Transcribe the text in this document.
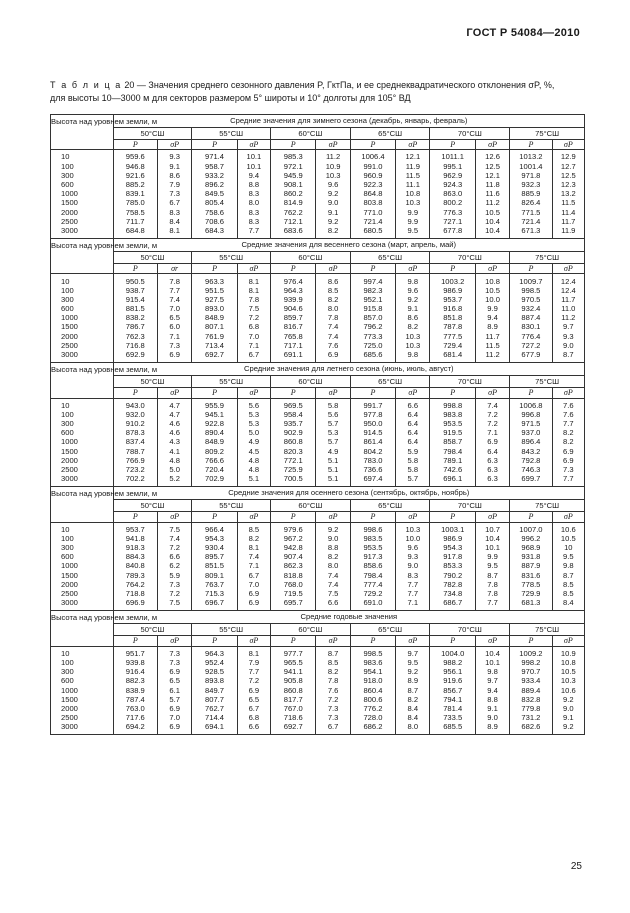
ГОСТ Р 54084—2010
Т а б л и ц а 20 — Значения среднего сезонного давления P, ГктПа, и ее среднеквадратического отклонения σP, %,
для высоты 10—3000 м для секторов размером 5° широты и 10° долготы для 105° ВД
Высота над уровнем земли, м	Средние значения для зимнего сезона (декабрь, январь, февраль)											
	50°СШ		55°СШ		60°СШ		65°СШ		70°СШ		75°СШ	
	P	σP	P	σP	P	σP	P	σP	P	σP	P	σP
10	959.6	9.3	971.4	10.1	985.3	11.2	1006.4	12.1	1011.1	12.6	1013.2	12.9
100	946.8	9.1	958.7	10.1	972.1	10.9	991.0	11.9	995.1	12.5	1001.4	12.7
300	921.6	8.6	933.2	9.4	945.9	10.3	960.9	11.5	962.9	12.1	971.8	12.5
600	885.2	7.9	896.2	8.8	908.1	9.6	922.3	11.1	924.3	11.8	932.3	12.3
1000	839.1	7.3	849.5	8.3	860.2	9.2	864.8	10.8	863.0	11.6	885.9	13.2
1500	785.0	6.7	805.4	8.0	814.9	9.0	803.8	10.3	800.2	11.2	826.4	11.5
2000	758.5	8.3	758.6	8.3	762.2	9.1	771.0	9.9	776.3	10.5	771.5	11.4
2500	711.7	8.4	708.6	8.3	712.1	9.2	721.4	9.9	727.1	10.4	721.4	11.7
3000	684.8	8.1	684.3	7.7	683.6	8.2	680.5	9.5	677.8	10.4	671.3	11.9
Высота над уровнем земли, м	Средние значения для весеннего сезона (март, апрель, май)											
	50°СШ		55°СШ		60°СШ		65°СШ		70°СШ		75°СШ	
	P	σr	P	σP	P	σP	P	σP	P	σP	P	σP
10	950.5	7.8	963.3	8.1	976.4	8.6	997.4	9.8	1003.2	10.8	1009.7	12.4
100	938.7	7.7	951.5	8.1	964.3	8.5	982.3	9.6	986.9	10.5	998.5	12.4
300	915.4	7.4	927.5	7.8	939.9	8.2	952.1	9.2	953.7	10.0	970.5	11.7
600	881.5	7.0	893.0	7.5	904.6	8.0	915.8	9.1	916.8	9.9	932.4	11.0
1000	838.2	6.5	848.9	7.2	859.7	7.8	857.0	8.6	851.8	9.4	887.4	11.2
1500	786.7	6.0	807.1	6.8	816.7	7.4	796.2	8.2	787.8	8.9	830.1	9.7
2000	762.3	7.1	761.9	7.0	765.8	7.4	773.3	10.3	777.5	11.7	776.4	9.3
2500	716.8	7.3	713.4	7.1	717.1	7.6	725.0	10.3	729.4	11.5	727.2	9.0
3000	692.9	6.9	692.7	6.7	691.1	6.9	685.6	9.8	681.4	11.2	677.9	8.7
Высота над уровнем земли, м	Средние значения для летнего сезона (июнь, июль, август)											
	50°СШ		55°СШ		60°СШ		65°СШ		70°СШ		75°СШ	
	P	σP	P	σP	P	σP	P	σP	P	σP	P	σP
10	943.0	4.7	955.9	5.6	969.5	5.8	991.7	6.6	998.8	7.4	1006.8	7.6
100	932.0	4.7	945.1	5.3	958.4	5.6	977.8	6.4	983.8	7.2	996.8	7.6
300	910.2	4.6	922.8	5.3	935.7	5.7	950.0	6.4	953.5	7.2	971.5	7.7
600	878.3	4.6	890.4	5.0	902.9	5.3	914.5	6.4	919.5	7.1	937.0	8.2
1000	837.4	4.3	848.9	4.9	860.8	5.7	861.4	6.4	858.7	6.9	896.4	8.2
1500	788.7	4.1	809.2	4.5	820.3	4.9	804.2	5.9	798.4	6.4	843.2	6.9
2000	766.9	4.8	766.6	4.8	772.1	5.1	783.0	5.8	789.1	6.3	792.8	6.9
2500	723.2	5.0	720.4	4.8	725.9	5.1	736.6	5.8	742.6	6.3	746.3	7.3
3000	702.2	5.2	702.9	5.1	700.5	5.1	697.4	5.7	696.1	6.3	699.7	7.7
Высота над уровнем земли, м	Средние значения для осеннего сезона (сентябрь, октябрь, ноябрь)											
	50°СШ		55°СШ		60°СШ		65°СШ		70°СШ		75°СШ	
	P	σP	P	σP	P	σP	P	σP	P	σP	P	σP
10	953.7	7.5	966.4	8.5	979.6	9.2	998.6	10.3	1003.1	10.7	1007.0	10.6
100	941.8	7.4	954.3	8.2	967.2	9.0	983.5	10.0	986.9	10.4	996.2	10.5
300	918.3	7.2	930.4	8.1	942.8	8.8	953.5	9.6	954.3	10.1	968.9	10
600	884.3	6.6	895.7	7.4	907.4	8.2	917.3	9.3	917.8	9.9	931.8	9.5
1000	840.8	6.2	851.5	7.1	862.3	8.0	858.6	9.0	853.3	9.5	887.9	9.8
1500	789.3	5.9	809.1	6.7	818.8	7.4	798.4	8.3	790.2	8.7	831.6	8.7
2000	764.2	7.3	763.7	7.0	768.0	7.4	777.4	7.7	782.8	7.8	778.5	8.5
2500	718.8	7.2	715.3	6.9	719.5	7.5	729.2	7.7	734.8	7.8	729.9	8.5
3000	696.9	7.5	696.7	6.9	695.7	6.6	691.0	7.1	686.7	7.7	681.3	8.4
Высота над уровнем земли, м	Средние годовые значения											
	50°СШ		55°СШ		60°СШ		65°СШ		70°СШ		75°СШ	
	P	σP	P	σP	P	σP	P	σP	P	σP	P	σP
10	951.7	7.3	964.3	8.1	977.7	8.7	998.5	9.7	1004.0	10.4	1009.2	10.9
100	939.8	7.3	952.4	7.9	965.5	8.5	983.6	9.5	988.2	10.1	998.2	10.8
300	916.4	6.9	928.5	7.7	941.1	8.2	954.1	9.2	956.1	9.8	970.7	10.5
600	882.3	6.5	893.8	7.2	905.8	7.8	918.0	8.9	919.6	9.7	933.4	10.3
1000	838.9	6.1	849.7	6.9	860.8	7.6	860.4	8.7	856.7	9.4	889.4	10.6
1500	787.4	5.7	807.7	6.5	817.7	7.2	800.6	8.2	794.1	8.8	832.8	9.2
2000	763.0	6.9	762.7	6.7	767.0	7.3	776.2	8.4	781.4	9.1	779.8	9.0
2500	717.6	7.0	714.4	6.8	718.6	7.3	728.0	8.4	733.5	9.0	731.2	9.1
3000	694.2	6.9	694.1	6.6	692.7	6.7	686.2	8.0	685.5	8.9	682.6	9.2
25
